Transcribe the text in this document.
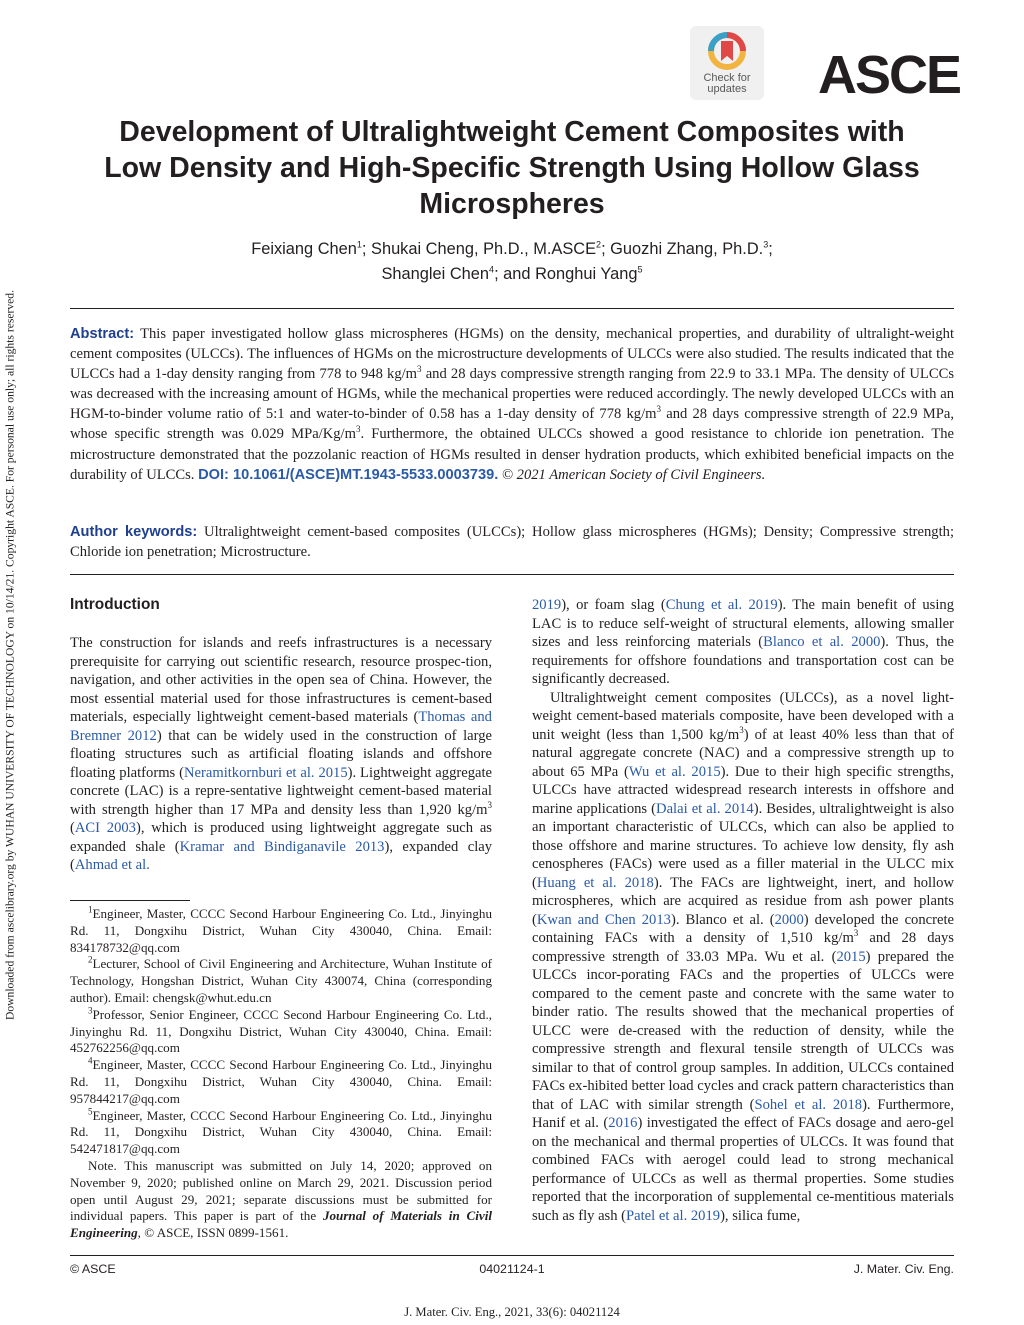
Downloaded from ascelibrary.org by WUHAN UNIVERSITY OF TECHNOLOGY on 10/14/21. Copyright ASCE. For personal use only; all rights reserved.
Check for
updates	ASCE
Development of Ultralightweight Cement Composites with Low Density and High-Specific Strength Using Hollow Glass Microspheres
Feixiang Chen$^1$; Shukai Cheng, Ph.D., M.ASCE$^2$; Guozhi Zhang, Ph.D.$^3$;
Shanglei Chen$^4$; and Ronghui Yang$^5$
Abstract: This paper investigated hollow glass microspheres (HGMs) on the density, mechanical properties, and durability of ultralight-weight cement composites (ULCCs). The influences of HGMs on the microstructure developments of ULCCs were also studied. The results indicated that the ULCCs had a 1-day density ranging from 778 to 948 $kg/m^3$ and 28 days compressive strength ranging from 22.9 to 33.1 MPa. The density of ULCCs was decreased with the increasing amount of HGMs, while the mechanical properties were reduced accordingly. The newly developed ULCCs with an HGM-to-binder volume ratio of 5:1 and water-to-binder of 0.58 has a 1-day density of 778 $kg/m^3$ and 28 days compressive strength of 22.9 MPa, whose specific strength was 0.029 MPa/$Kg/m^3$. Furthermore, the obtained ULCCs showed a good resistance to chloride ion penetration. The microstructure demonstrated that the pozzolanic reaction of HGMs resulted in denser hydration products, which exhibited beneficial impacts on the durability of ULCCs. DOI: 10.1061/(ASCE)MT.1943-5533.0003739. © 2021 American Society of Civil Engineers.
Author keywords: Ultralightweight cement-based composites (ULCCs); Hollow glass microspheres (HGMs); Density; Compressive strength; Chloride ion penetration; Microstructure.
Introduction

The construction for islands and reefs infrastructures is a necessary prerequisite for carrying out scientific research, resource prospec-tion, navigation, and other activities in the open sea of China. However, the most essential material used for those infrastructures is cement-based materials, especially lightweight cement-based materials (Thomas and Bremner 2012) that can be widely used in the construction of large floating structures such as artificial floating islands and offshore floating platforms (Neramitkornburi et al. 2015). Lightweight aggregate concrete (LAC) is a repre-sentative lightweight cement-based material with strength higher than 17 MPa and density less than 1,920 $kg/m^3$ (ACI 2003), which is produced using lightweight aggregate such as expanded shale (Kramar and Bindiganavile 2013), expanded clay (Ahmad et al.

$^1$Engineer, Master, CCCC Second Harbour Engineering Co. Ltd., Jinyinghu Rd. 11, Dongxihu District, Wuhan City 430040, China. Email: 834178732@qq.com

$^2$Lecturer, School of Civil Engineering and Architecture, Wuhan Institute of Technology, Hongshan District, Wuhan City 430074, China (corresponding author). Email: chengsk@whut.edu.cn

$^3$Professor, Senior Engineer, CCCC Second Harbour Engineering Co. Ltd., Jinyinghu Rd. 11, Dongxihu District, Wuhan City 430040, China. Email: 452762256@qq.com

$^4$Engineer, Master, CCCC Second Harbour Engineering Co. Ltd., Jinyinghu Rd. 11, Dongxihu District, Wuhan City 430040, China. Email: 957844217@qq.com

$^5$Engineer, Master, CCCC Second Harbour Engineering Co. Ltd., Jinyinghu Rd. 11, Dongxihu District, Wuhan City 430040, China. Email: 542471817@qq.com

Note. This manuscript was submitted on July 14, 2020; approved on November 9, 2020; published online on March 29, 2021. Discussion period open until August 29, 2021; separate discussions must be submitted for individual papers. This paper is part of the Journal of Materials in Civil Engineering, © ASCE, ISSN 0899-1561.

2019), or foam slag (Chung et al. 2019). The main benefit of using LAC is to reduce self-weight of structural elements, allowing smaller sizes and less reinforcing materials (Blanco et al. 2000). Thus, the requirements for offshore foundations and transportation cost can be significantly decreased.

Ultralightweight cement composites (ULCCs), as a novel light-weight cement-based materials composite, have been developed with a unit weight (less than 1,500 $kg/m^3$) of at least 40% less than that of natural aggregate concrete (NAC) and a compressive strength up to about 65 MPa (Wu et al. 2015). Due to their high specific strengths, ULCCs have attracted widespread research interests in offshore and marine applications (Dalai et al. 2014). Besides, ultralightweight is also an important characteristic of ULCCs, which can also be applied to those offshore and marine structures. To achieve low density, fly ash cenospheres (FACs) were used as a filler material in the ULCC mix (Huang et al. 2018). The FACs are lightweight, inert, and hollow microspheres, which are acquired as residue from ash power plants (Kwan and Chen 2013). Blanco et al. (2000) developed the concrete containing FACs with a density of 1,510 $kg/m^3$ and 28 days compressive strength of 33.03 MPa. Wu et al. (2015) prepared the ULCCs incor-porating FACs and the properties of ULCCs were compared to the cement paste and concrete with the same water to binder ratio. The results showed that the mechanical properties of ULCC were de-creased with the reduction of density, while the compressive strength and flexural tensile strength of ULCCs was similar to that of control group samples. In addition, ULCCs contained FACs ex-hibited better load cycles and crack pattern characteristics than that of LAC with similar strength (Sohel et al. 2018). Furthermore, Hanif et al. (2016) investigated the effect of FACs dosage and aero-gel on the mechanical and thermal properties of ULCCs. It was found that combined FACs with aerogel could lead to strong mechanical performance of ULCCs as well as thermal properties. Some studies reported that the incorporation of supplemental ce-mentitious materials such as fly ash (Patel et al. 2019), silica fume,

© ASCE	04021124-1	J. Mater. Civ. Eng.
J. Mater. Civ. Eng., 2021, 33(6): 04021124
